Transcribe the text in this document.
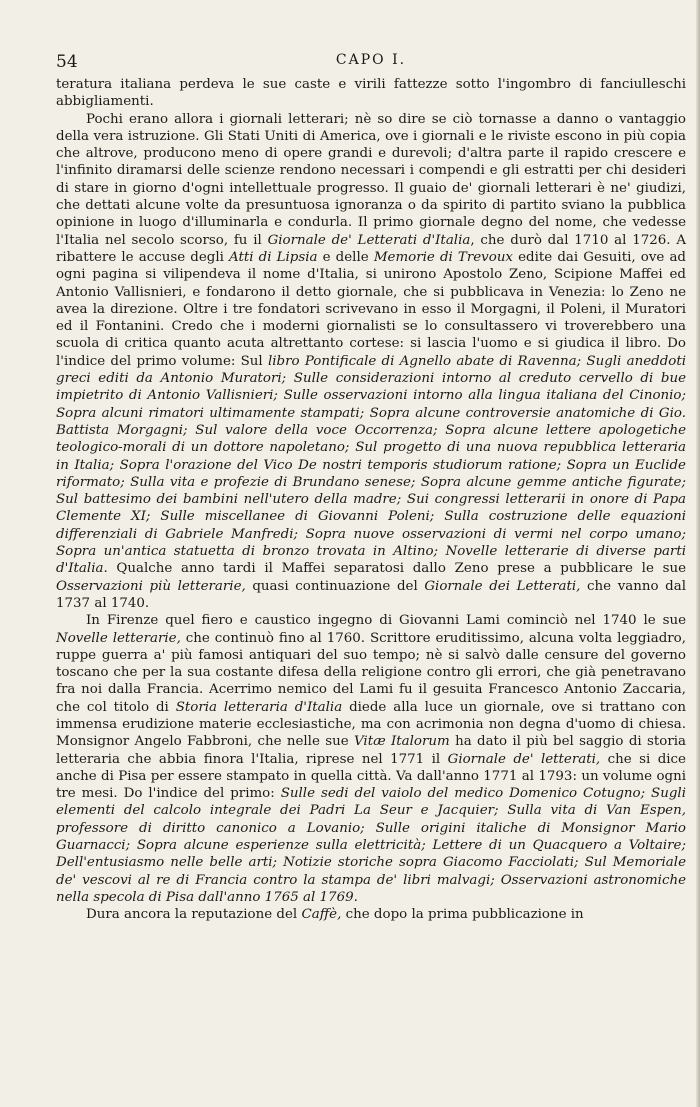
54	CAPO I.

teratura italiana perdeva le sue caste e virili fattezze sotto l'ingombro di fanciulleschi abbigliamenti.

Pochi erano allora i giornali letterari; nè so dire se ciò tornasse a danno o vantaggio della vera istruzione. Gli Stati Uniti di America, ove i giornali e le riviste escono in più copia che altrove, producono meno di opere grandi e durevoli; d'altra parte il rapido crescere e l'infinito diramarsi delle scienze rendono necessari i compendi e gli estratti per chi desideri di stare in giorno d'ogni intellettuale progresso. Il guaio de' giornali letterari è ne' giudizi, che dettati alcune volte da presuntuosa ignoranza o da spirito di partito sviano la pubblica opinione in luogo d'illuminarla e condurla. Il primo giornale degno del nome, che vedesse l'Italia nel secolo scorso, fu il Giornale de' Letterati d'Italia, che durò dal 1710 al 1726. A ribattere le accuse degli Atti di Lipsia e delle Memorie di Trevoux edite dai Gesuiti, ove ad ogni pagina si vilipendeva il nome d'Italia, si unirono Apostolo Zeno, Scipione Maffei ed Antonio Vallisnieri, e fondarono il detto giornale, che si pubblicava in Venezia: lo Zeno ne avea la direzione. Oltre i tre fondatori scrivevano in esso il Morgagni, il Poleni, il Muratori ed il Fontanini. Credo che i moderni giornalisti se lo consultassero vi troverebbero una scuola di critica quanto acuta altrettanto cortese: si lascia l'uomo e si giudica il libro. Do l'indice del primo volume: Sul libro Pontificale di Agnello abate di Ravenna; Sugli aneddoti greci editi da Antonio Muratori; Sulle considerazioni intorno al creduto cervello di bue impietrito di Antonio Vallisnieri; Sulle osservazioni intorno alla lingua italiana del Cinonio; Sopra alcuni rimatori ultimamente stampati; Sopra alcune controversie anatomiche di Gio. Battista Morgagni; Sul valore della voce Occorrenza; Sopra alcune lettere apologetiche teologico-morali di un dottore napoletano; Sul progetto di una nuova repubblica letteraria in Italia; Sopra l'orazione del Vico De nostri temporis studiorum ratione; Sopra un Euclide riformato; Sulla vita e profezie di Brundano senese; Sopra alcune gemme antiche figurate; Sul battesimo dei bambini nell'utero della madre; Sui congressi letterarii in onore di Papa Clemente XI; Sulle miscellanee di Giovanni Poleni; Sulla costruzione delle equazioni differenziali di Gabriele Manfredi; Sopra nuove osservazioni di vermi nel corpo umano; Sopra un'antica statuetta di bronzo trovata in Altino; Novelle letterarie di diverse parti d'Italia. Qualche anno tardi il Maffei separatosi dallo Zeno prese a pubblicare le sue Osservazioni più letterarie, quasi continuazione del Giornale dei Letterati, che vanno dal 1737 al 1740.

In Firenze quel fiero e caustico ingegno di Giovanni Lami cominciò nel 1740 le sue Novelle letterarie, che continuò fino al 1760. Scrittore eruditissimo, alcuna volta leggiadro, ruppe guerra a' più famosi antiquari del suo tempo; nè si salvò dalle censure del governo toscano che per la sua costante difesa della religione contro gli errori, che già penetravano fra noi dalla Francia. Acerrimo nemico del Lami fu il gesuita Francesco Antonio Zaccaria, che col titolo di Storia letteraria d'Italia diede alla luce un giornale, ove si trattano con immensa erudizione materie ecclesiastiche, ma con acrimonia non degna d'uomo di chiesa. Monsignor Angelo Fabbroni, che nelle sue Vitæ Italorum ha dato il più bel saggio di storia letteraria che abbia finora l'Italia, riprese nel 1771 il Giornale de' letterati, che si dice anche di Pisa per essere stampato in quella città. Va dall'anno 1771 al 1793: un volume ogni tre mesi. Do l'indice del primo: Sulle sedi del vaiolo del medico Domenico Cotugno; Sugli elementi del calcolo integrale dei Padri La Seur e Jacquier; Sulla vita di Van Espen, professore di diritto canonico a Lovanio; Sulle origini italiche di Monsignor Mario Guarnacci; Sopra alcune esperienze sulla elettricità; Lettere di un Quacquero a Voltaire; Dell'entusiasmo nelle belle arti; Notizie storiche sopra Giacomo Facciolati; Sul Memoriale de' vescovi al re di Francia contro la stampa de' libri malvagi; Osservazioni astronomiche nella specola di Pisa dall'anno 1765 al 1769.

Dura ancora la reputazione del Caffè, che dopo la prima pubblicazione in
